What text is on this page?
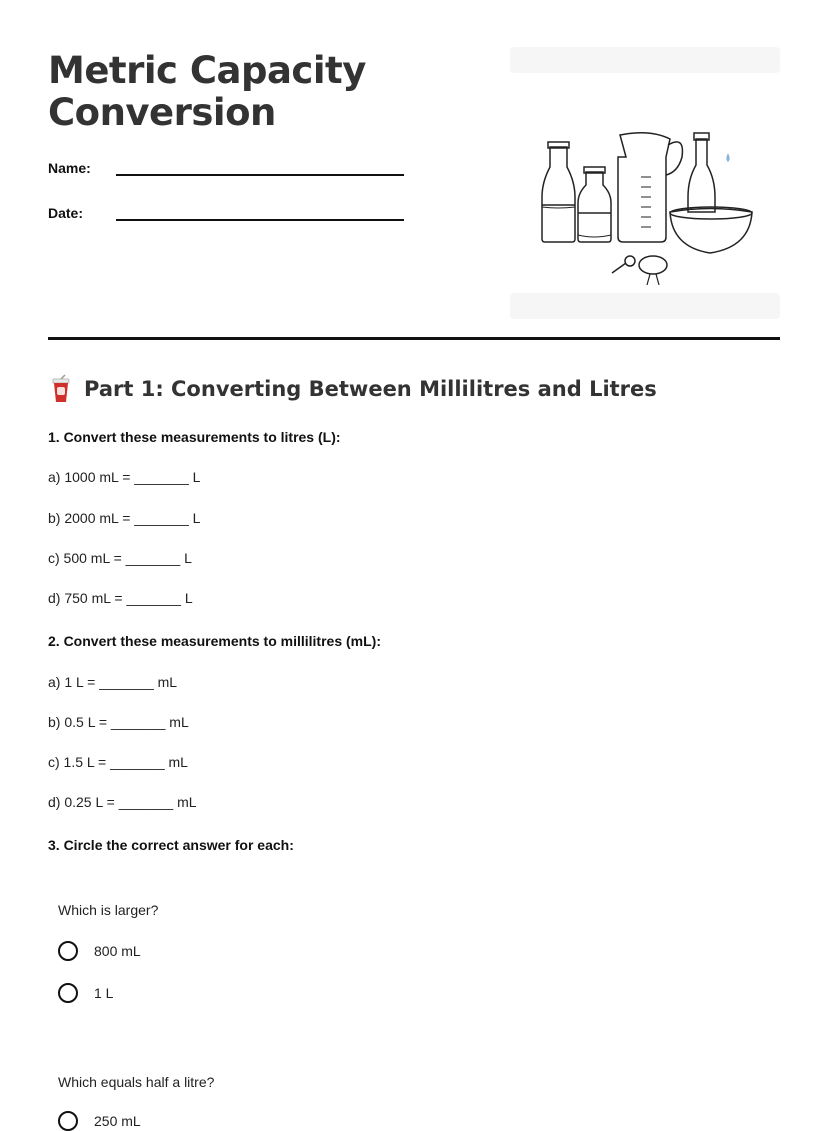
Metric Capacity Conversion
Name:
Date:
Part 1: Converting Between Millilitres and Litres

1. Convert these measurements to litres (L):

a) 1000 mL = _______ L

b) 2000 mL = _______ L

c) 500 mL = _______ L

d) 750 mL = _______ L

2. Convert these measurements to millilitres (mL):

a) 1 L = _______ mL

b) 0.5 L = _______ mL

c) 1.5 L = _______ mL

d) 0.25 L = _______ mL

3. Circle the correct answer for each:

Which is larger?

800 mL
1 L

Which equals half a litre?

250 mL
